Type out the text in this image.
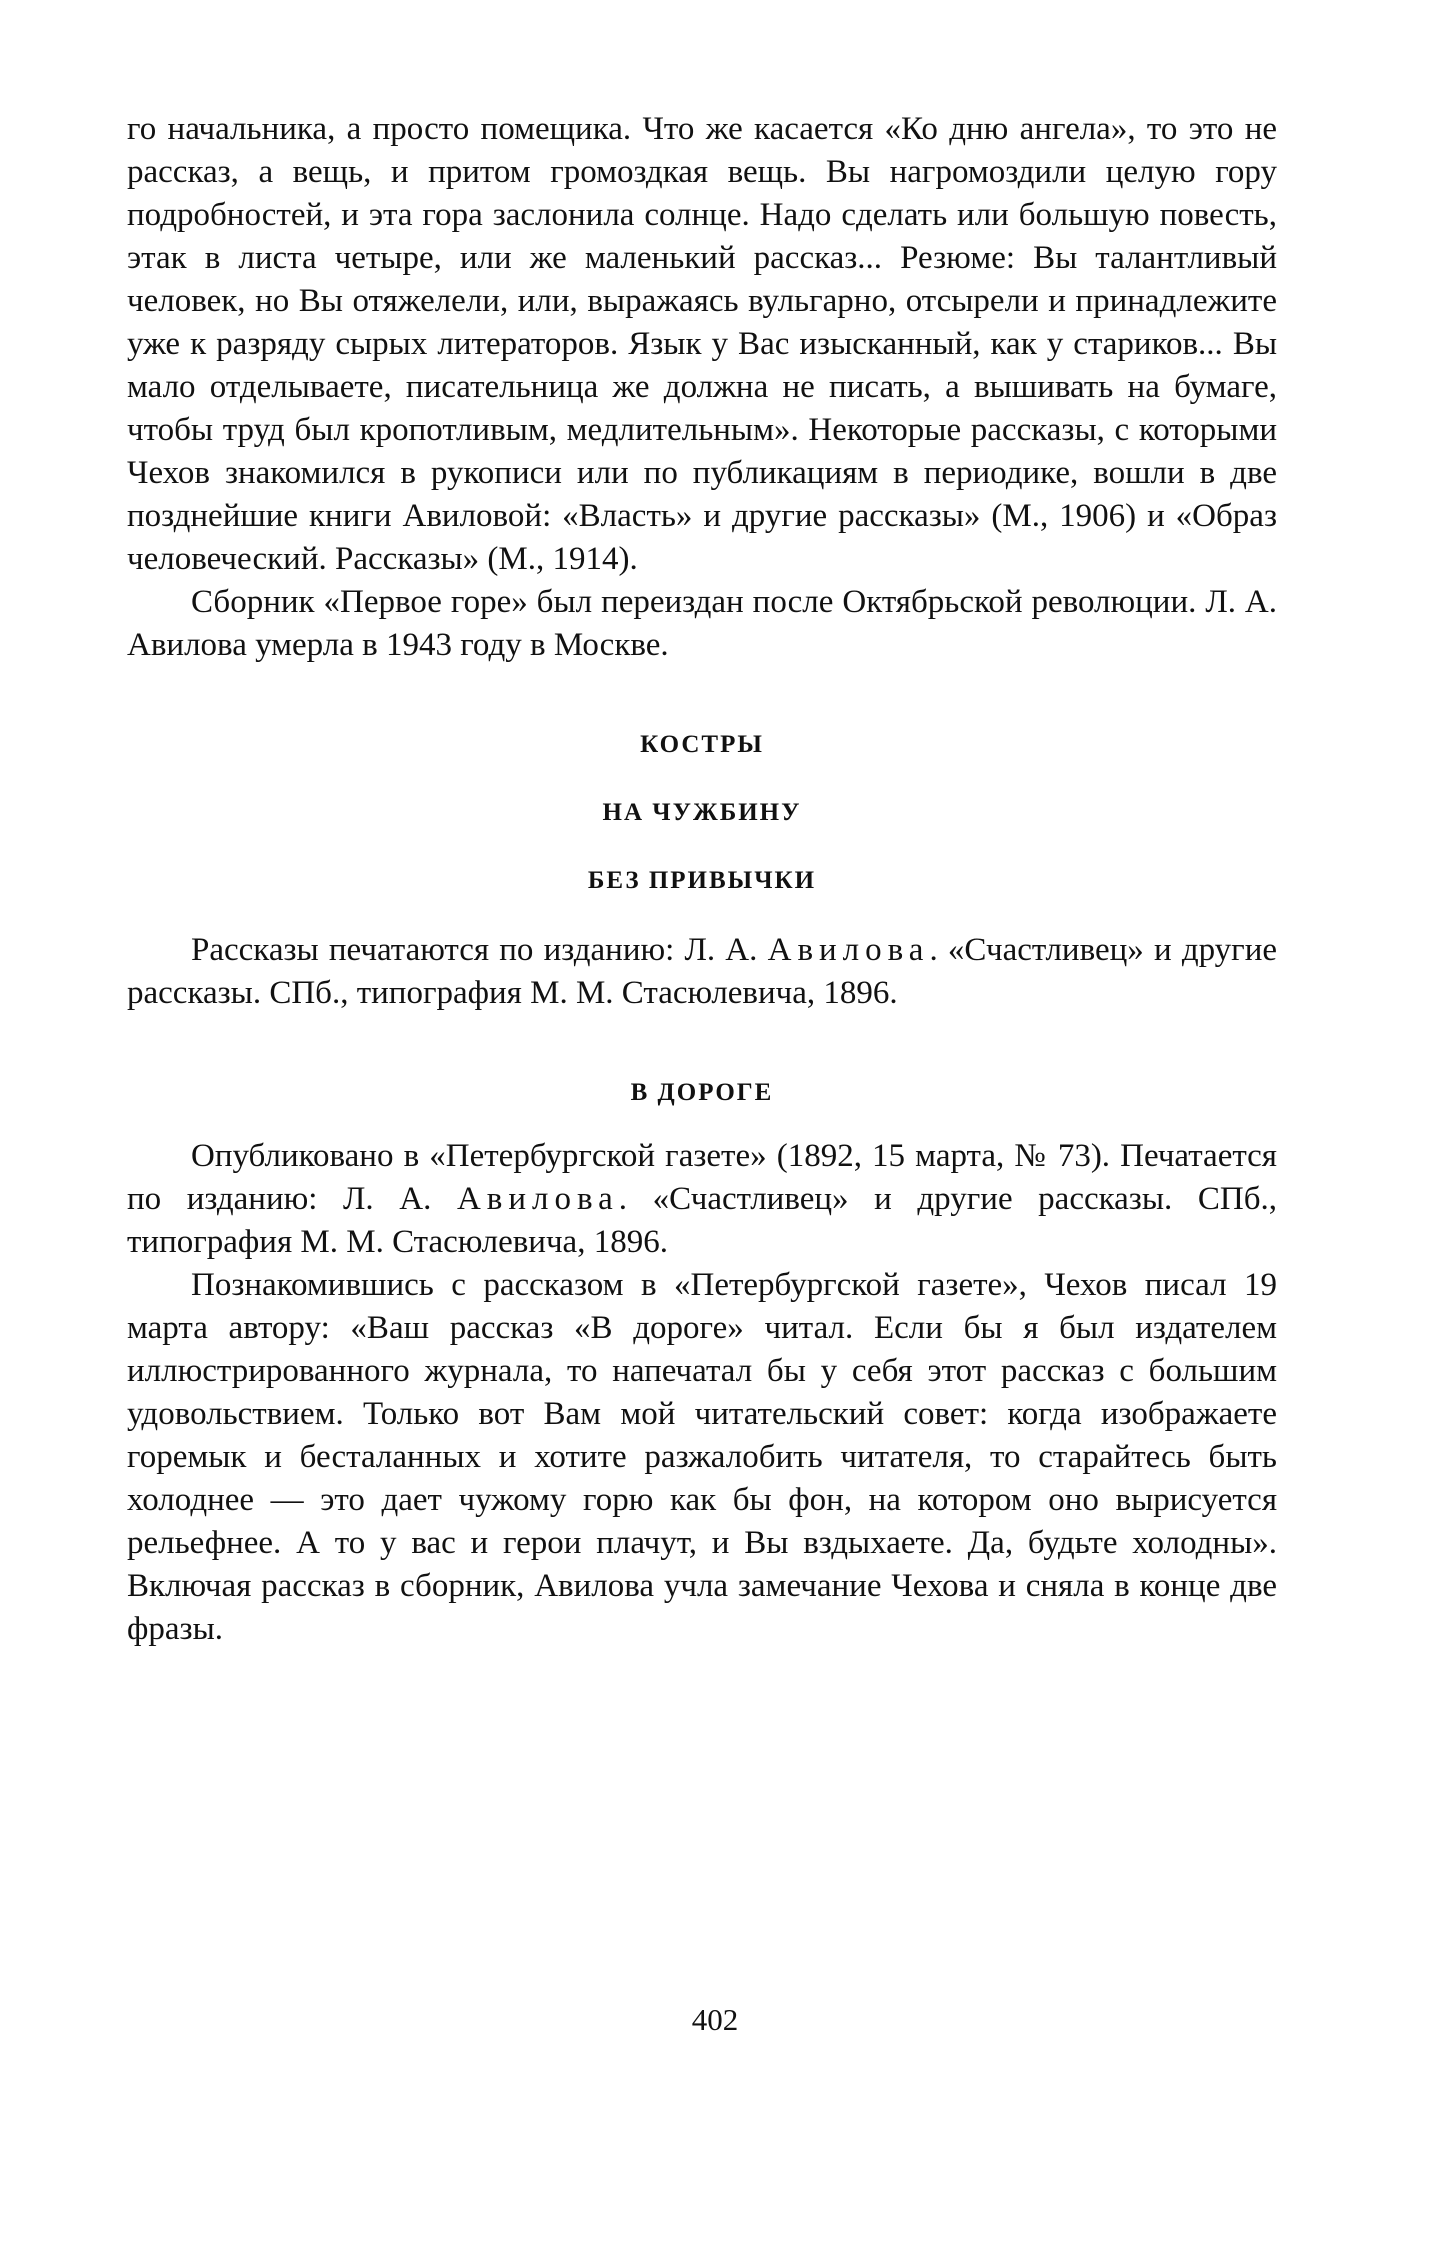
го начальника, а просто помещика. Что же касается «Ко дню ангела», то это не рассказ, а вещь, и притом громоздкая вещь. Вы нагромоздили целую гору подробностей, и эта гора заслонила солнце. Надо сделать или большую повесть, этак в листа четыре, или же маленький рассказ... Резюме: Вы талантливый человек, но Вы отяжелели, или, выражаясь вульгарно, отсырели и принадлежите уже к разряду сырых литераторов. Язык у Вас изысканный, как у стариков... Вы мало отделываете, писательница же должна не писать, а вышивать на бумаге, чтобы труд был кропотливым, медлительным». Некоторые рассказы, с которыми Чехов знакомился в рукописи или по публикациям в периодике, вошли в две позднейшие книги Авиловой: «Власть» и другие рассказы» (М., 1906) и «Образ человеческий. Рассказы» (М., 1914).

Сборник «Первое горе» был переиздан после Октябрьской революции. Л. А. Авилова умерла в 1943 году в Москве.

КОСТРЫ

НА ЧУЖБИНУ

БЕЗ ПРИВЫЧКИ

Рассказы печатаются по изданию: Л. А. Авилова. «Счастливец» и другие рассказы. СПб., типография М. М. Стасюлевича, 1896.

В ДОРОГЕ

Опубликовано в «Петербургской газете» (1892, 15 марта, № 73). Печатается по изданию: Л. А. Авилова. «Счастливец» и другие рассказы. СПб., типография М. М. Стасюлевича, 1896.

Познакомившись с рассказом в «Петербургской газете», Чехов писал 19 марта автору: «Ваш рассказ «В дороге» читал. Если бы я был издателем иллюстрированного журнала, то напечатал бы у себя этот рассказ с большим удовольствием. Только вот Вам мой читательский совет: когда изображаете горемык и бесталанных и хотите разжалобить читателя, то старайтесь быть холоднее — это дает чужому горю как бы фон, на котором оно вырисуется рельефнее. А то у вас и герои плачут, и Вы вздыхаете. Да, будьте холодны». Включая рассказ в сборник, Авилова учла замечание Чехова и сняла в конце две фразы.

402
